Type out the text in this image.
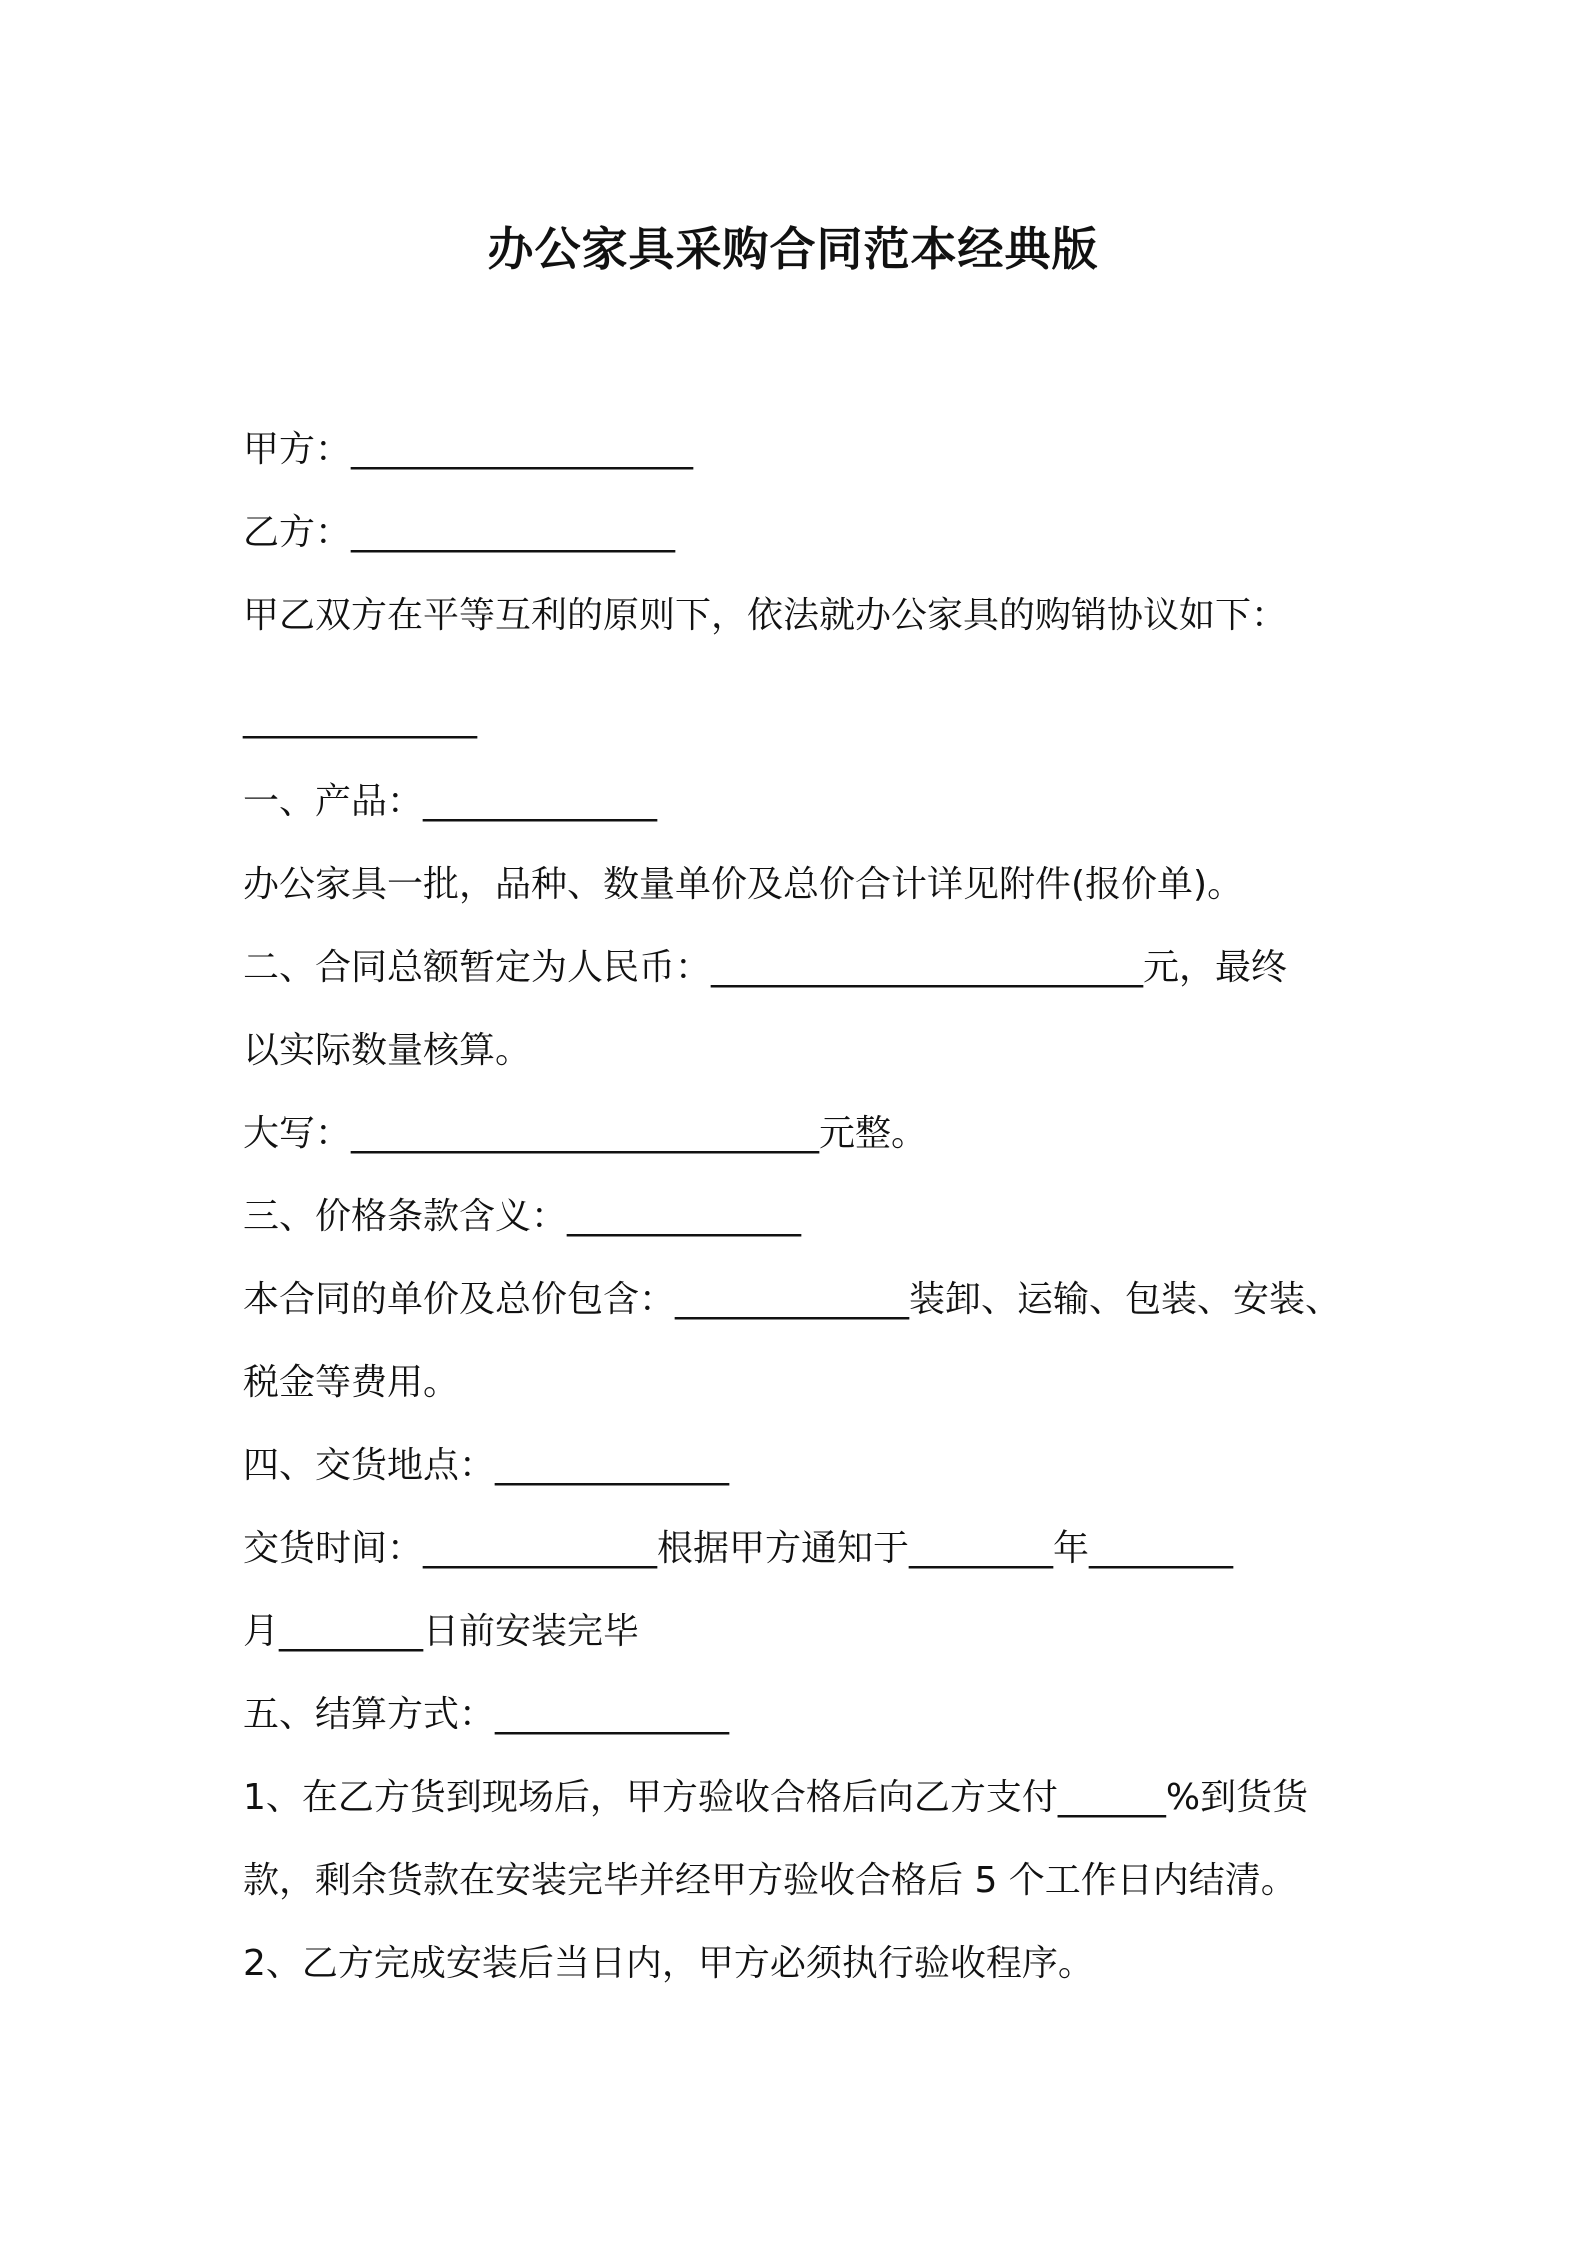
办公家具采购合同范本经典版
甲方：___________________
乙方：__________________
甲乙双方在平等互利的原则下，依法就办公家具的购销协议如下：
_____________
一、产品：_____________
办公家具一批，品种、数量单价及总价合计详见附件(报价单)。
二、合同总额暂定为人民币：________________________元，最终
以实际数量核算。
大写：__________________________元整。
三、价格条款含义：_____________
本合同的单价及总价包含：_____________装卸、运输、包装、安装、
税金等费用。
四、交货地点：_____________
交货时间：_____________根据甲方通知于________年________
月________日前安装完毕
五、结算方式：_____________
1、在乙方货到现场后，甲方验收合格后向乙方支付______%到货货
款，剩余货款在安装完毕并经甲方验收合格后 5 个工作日内结清。
2、乙方完成安装后当日内，甲方必须执行验收程序。
